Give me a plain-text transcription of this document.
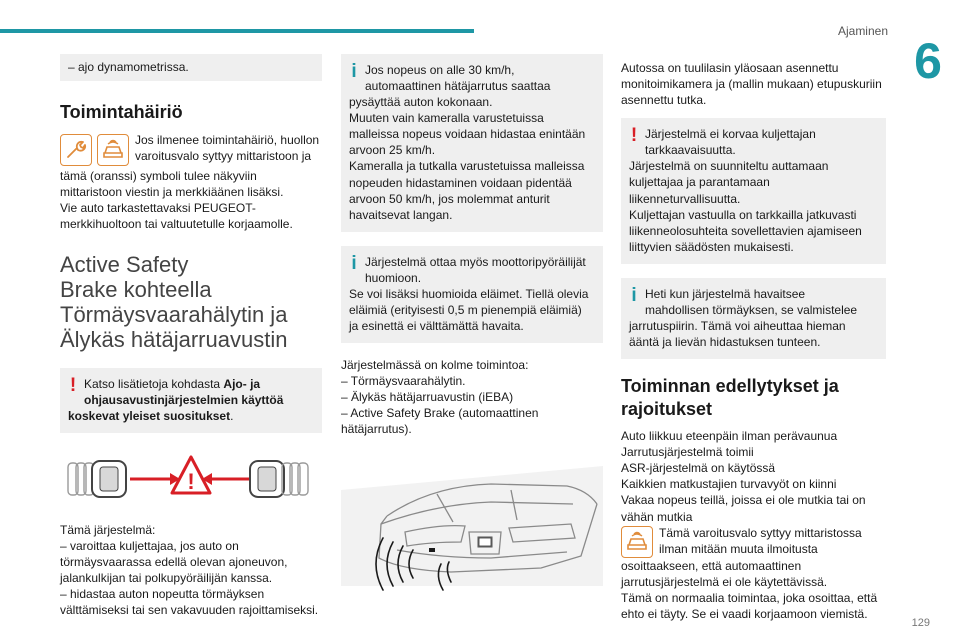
Ajaminen
6
129
– ajo dynamometrissa.
Toimintahäiriö
Jos ilmenee toimintahäiriö, huollon
varoitusvalo syttyy mittaristoon ja
tämä (oranssi) symboli tulee näkyviin
mittaristoon viestin ja merkkiäänen lisäksi.
Vie auto tarkastettavaksi PEUGEOT-
merkkihuoltoon tai valtuutetulle korjaamolle.
Active Safety
Brake kohteella
Törmäysvaarahälytin ja
Älykäs hätäjarruavustin
! Katso lisätietoja kohdasta Ajo- ja
ohjausavustinjärjestelmien käyttöä
koskevat yleiset suositukset.
!
Tämä järjestelmä:
– varoittaa kuljettajaa, jos auto on
törmäysvaarassa edellä olevan ajoneuvon,
jalankulkijan tai polkupyöräilijän kanssa.
– hidastaa auton nopeutta törmäyksen
välttämiseksi tai sen vakavuuden rajoittamiseksi.
i Jos nopeus on alle 30 km/h,
automaattinen hätäjarrutus saattaa
pysäyttää auton kokonaan.
Muuten vain kameralla varustetuissa
malleissa nopeus voidaan hidastaa enintään
arvoon 25 km/h.
Kameralla ja tutkalla varustetuissa malleissa
nopeuden hidastaminen voidaan pidentää
arvoon 50 km/h, jos molemmat anturit
havaitsevat langan.
i Järjestelmä ottaa myös moottoripyöräilijät
huomioon.
Se voi lisäksi huomioida eläimet. Tiellä olevia
eläimiä (erityisesti 0,5 m pienempiä eläimiä)
ja esinettä ei välttämättä havaita.
Järjestelmässä on kolme toimintoa:
– Törmäysvaarahälytin.
– Älykäs hätäjarruavustin (iEBA)
– Active Safety Brake (automaattinen
hätäjarrutus).
Autossa on tuulilasin yläosaan asennettu
monitoimikamera ja (mallin mukaan) etupuskuriin
asennettu tutka.
! Järjestelmä ei korvaa kuljettajan
tarkkaavaisuutta.
Järjestelmä on suunniteltu auttamaan
kuljettajaa ja parantamaan
liikenneturvallisuutta.
Kuljettajan vastuulla on tarkkailla jatkuvasti
liikenneolosuhteita sovellettavien ajamiseen
liittyvien säädösten mukaisesti.
i Heti kun järjestelmä havaitsee
mahdollisen törmäyksen, se valmistelee
jarrutuspiirin. Tämä voi aiheuttaa hieman
ääntä ja lievän hidastuksen tunteen.
Toiminnan edellytykset ja
rajoitukset
Auto liikkuu eteenpäin ilman perävaunua
Jarrutusjärjestelmä toimii
ASR-järjestelmä on käytössä
Kaikkien matkustajien turvavyöt on kiinni
Vakaa nopeus teillä, joissa ei ole mutkia tai on
vähän mutkia
Tämä varoitusvalo syttyy mittaristossa
ilman mitään muuta ilmoitusta
osoittaakseen, että automaattinen
jarrutusjärjestelmä ei ole käytettävissä.
Tämä on normaalia toimintaa, joka osoittaa, että
ehto ei täyty. Se ei vaadi korjaamoon viemistä.
